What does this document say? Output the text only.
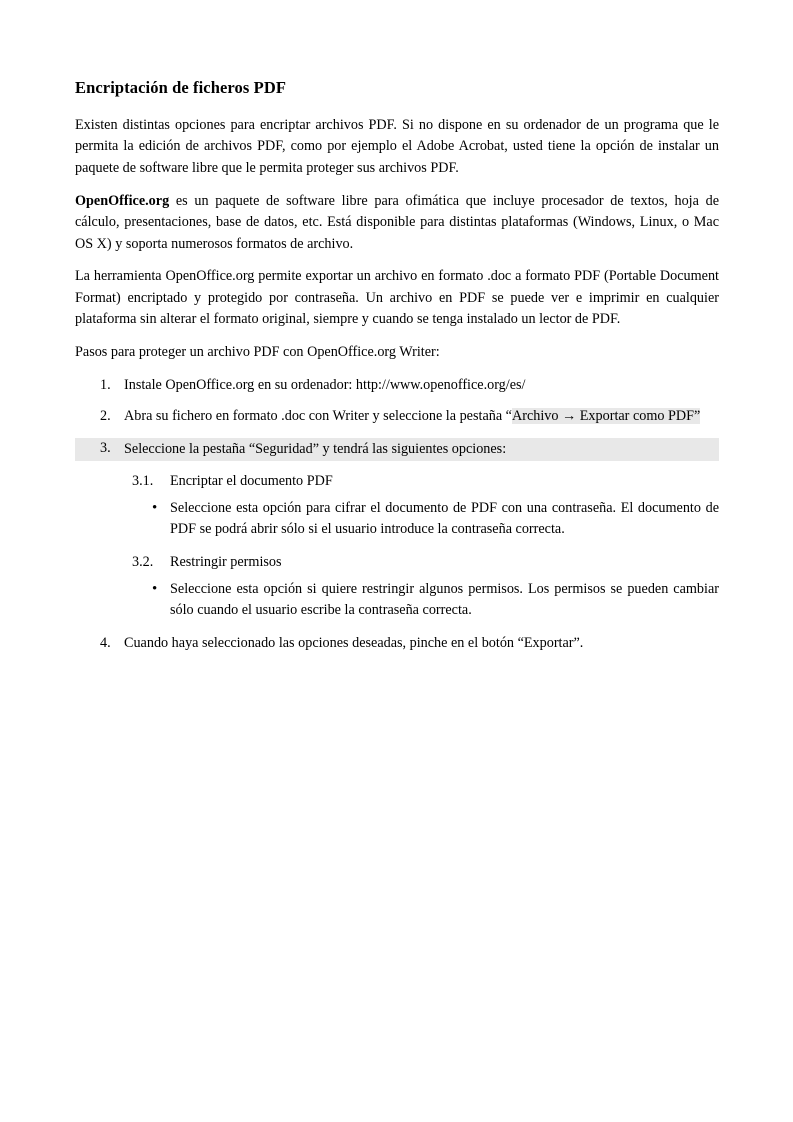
Encriptación de ficheros PDF

Existen distintas opciones para encriptar archivos PDF. Si no dispone en su ordenador de un programa que le permita la edición de archivos PDF, como por ejemplo el Adobe Acrobat, usted tiene la opción de instalar un paquete de software libre que le permita proteger sus archivos PDF.

OpenOffice.org es un paquete de software libre para ofimática que incluye procesador de textos, hoja de cálculo, presentaciones, base de datos, etc. Está disponible para distintas plataformas (Windows, Linux, o Mac OS X) y soporta numerosos formatos de archivo.

La herramienta OpenOffice.org permite exportar un archivo en formato .doc a formato PDF (Portable Document Format) encriptado y protegido por contraseña. Un archivo en PDF se puede ver e imprimir en cualquier plataforma sin alterar el formato original, siempre y cuando se tenga instalado un lector de PDF.

Pasos para proteger un archivo PDF con OpenOffice.org Writer:

1. Instale OpenOffice.org en su ordenador: http://www.openoffice.org/es/
2. Abra su fichero en formato .doc con Writer y seleccione la pestaña “Archivo → Exportar como PDF”
3. Seleccione la pestaña “Seguridad” y tendrá las siguientes opciones:
3.1.	Encriptar el documento PDF
• Seleccione esta opción para cifrar el documento de PDF con una contraseña. El documento de PDF se podrá abrir sólo si el usuario introduce la contraseña correcta.
3.2.	Restringir permisos
• Seleccione esta opción si quiere restringir algunos permisos. Los permisos se pueden cambiar sólo cuando el usuario escribe la contraseña correcta.
4. Cuando haya seleccionado las opciones deseadas, pinche en el botón “Exportar”.
